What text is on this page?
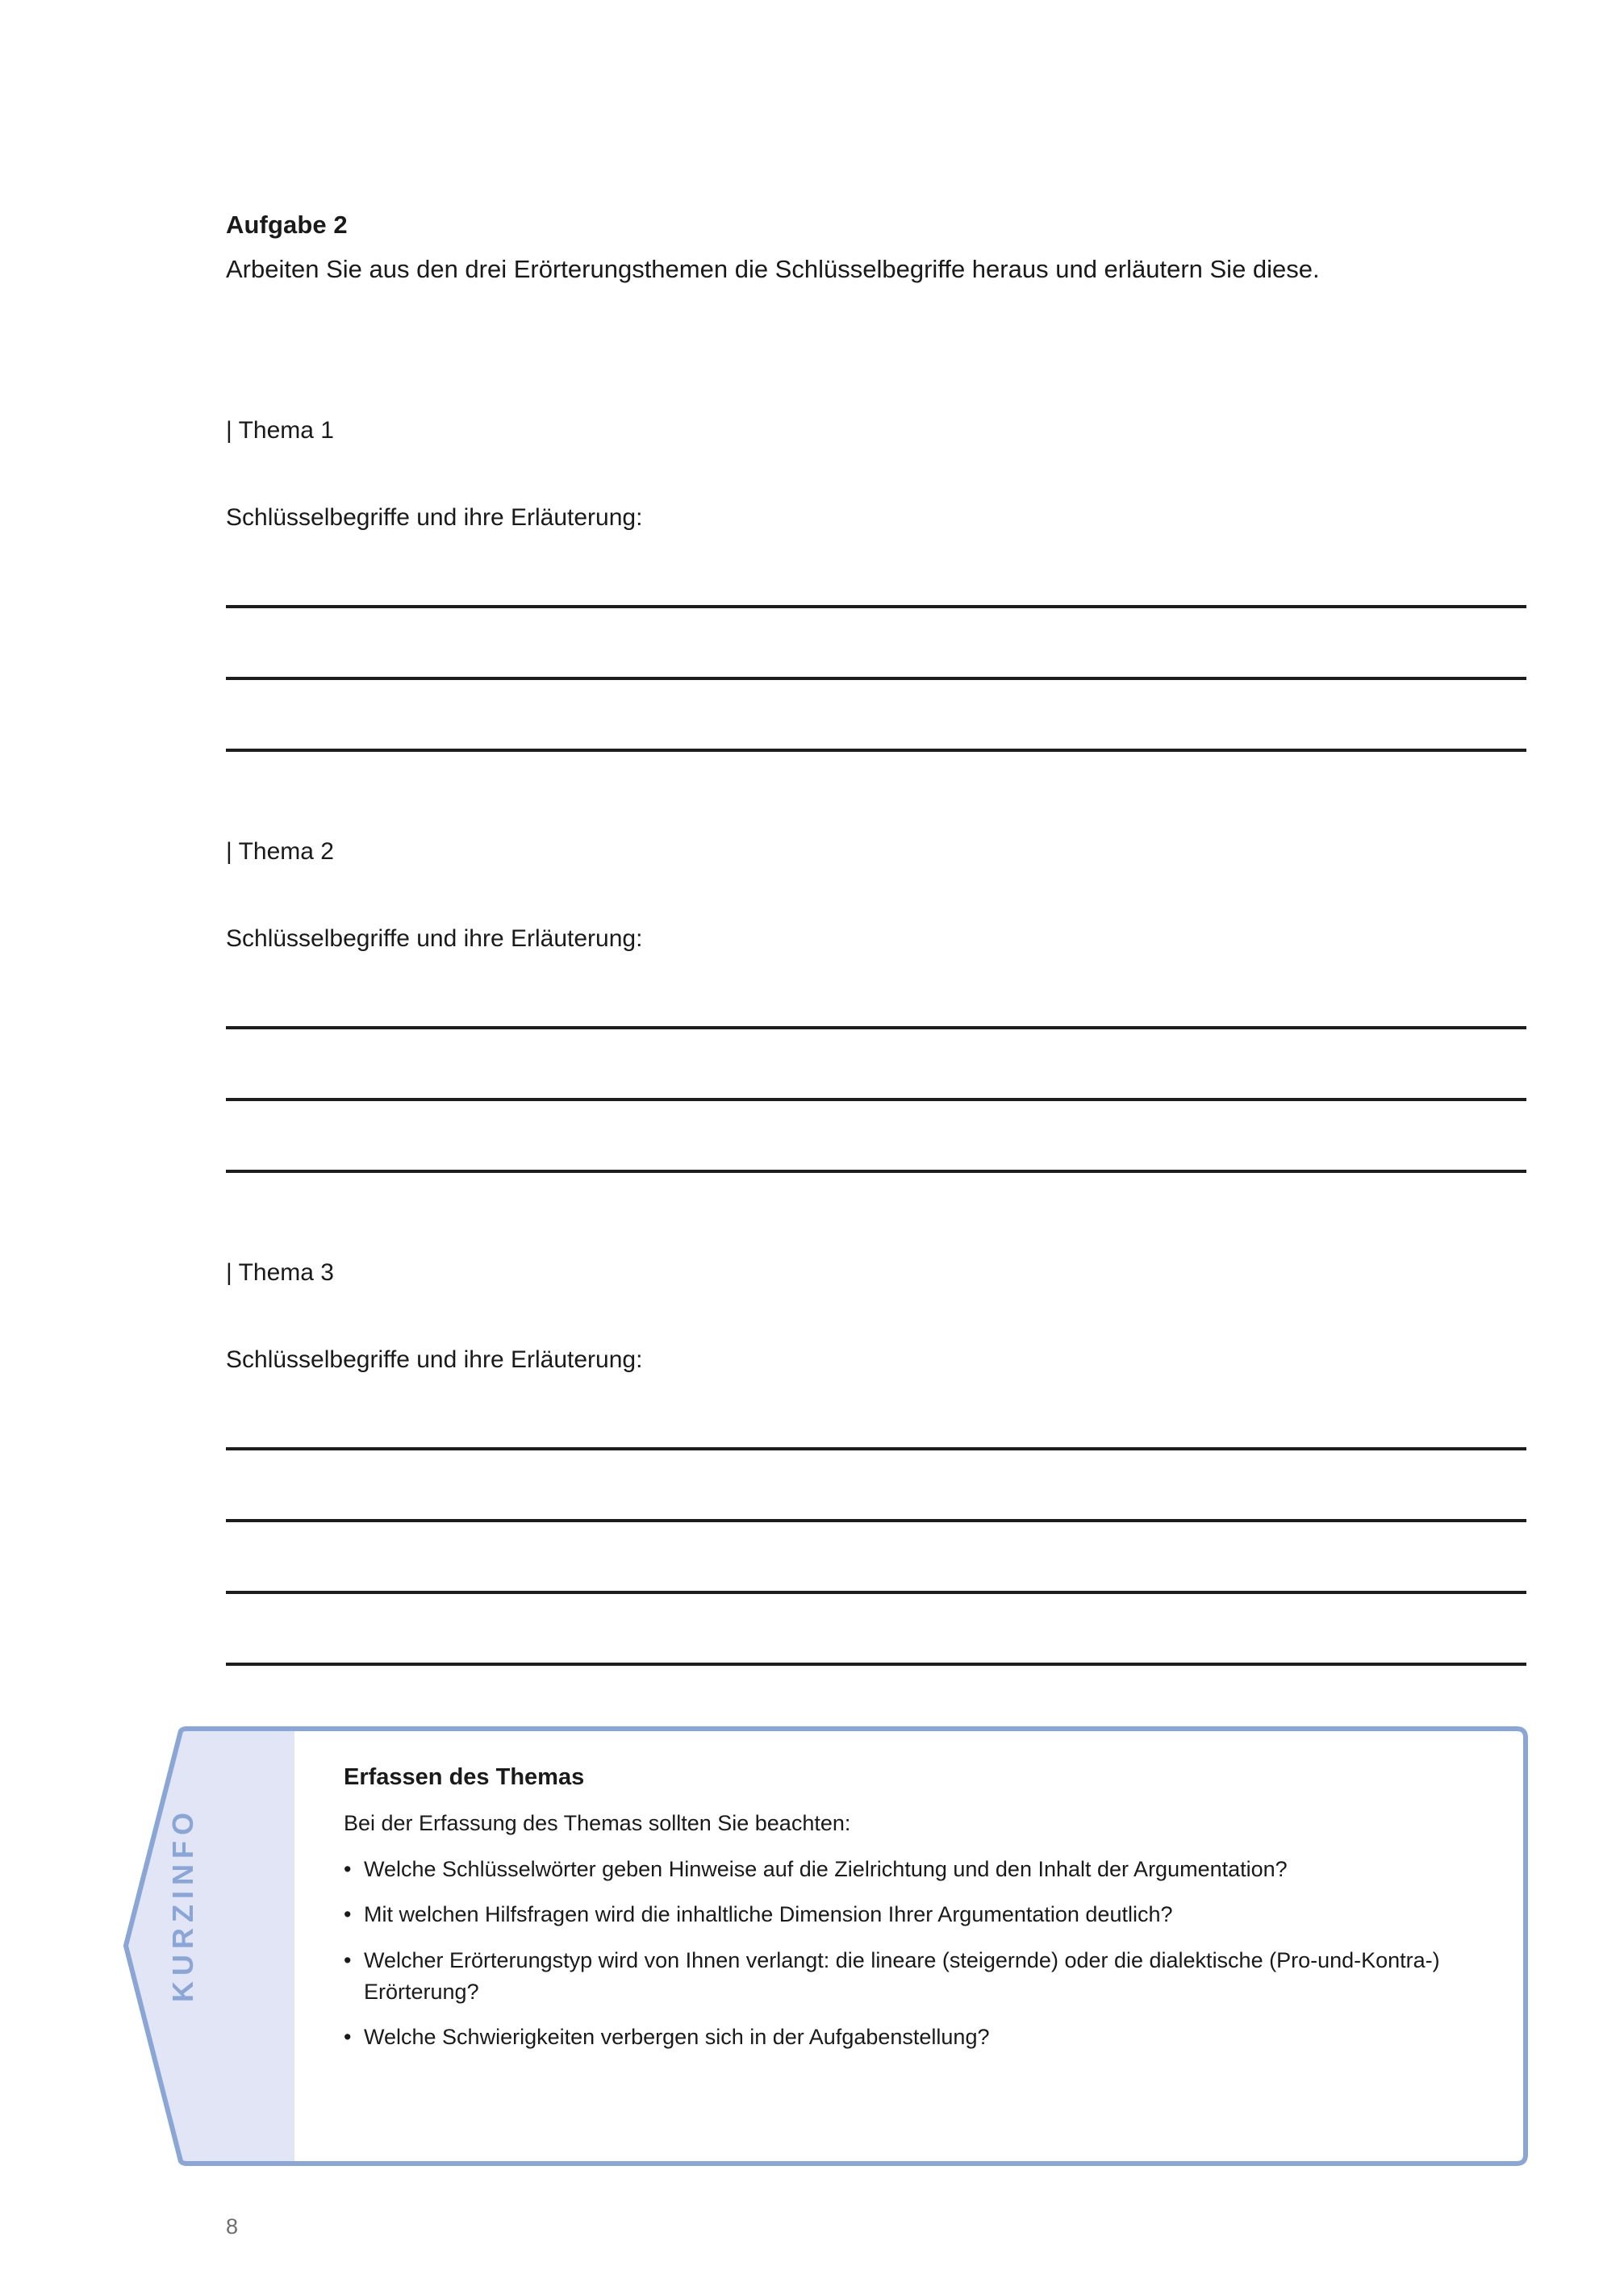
Aufgabe 2

Arbeiten Sie aus den drei Erörterungsthemen die Schlüsselbegriffe heraus und erläutern Sie diese.

| Thema 1
Schlüsselbegriffe und ihre Erläuterung:
| Thema 2
Schlüsselbegriffe und ihre Erläuterung:
| Thema 3
Schlüsselbegriffe und ihre Erläuterung:
KURZINFO
Erfassen des Themas
Bei der Erfassung des Themas sollten Sie beachten:
• Welche Schlüsselwörter geben Hinweise auf die Zielrichtung und den Inhalt der Argumentation?
• Mit welchen Hilfsfragen wird die inhaltliche Dimension Ihrer Argumentation deutlich?
• Welcher Erörterungstyp wird von Ihnen verlangt: die lineare (steigernde) oder die dialektische (Pro-und-Kontra-) Erörterung?
• Welche Schwierigkeiten verbergen sich in der Aufgabenstellung?
8
